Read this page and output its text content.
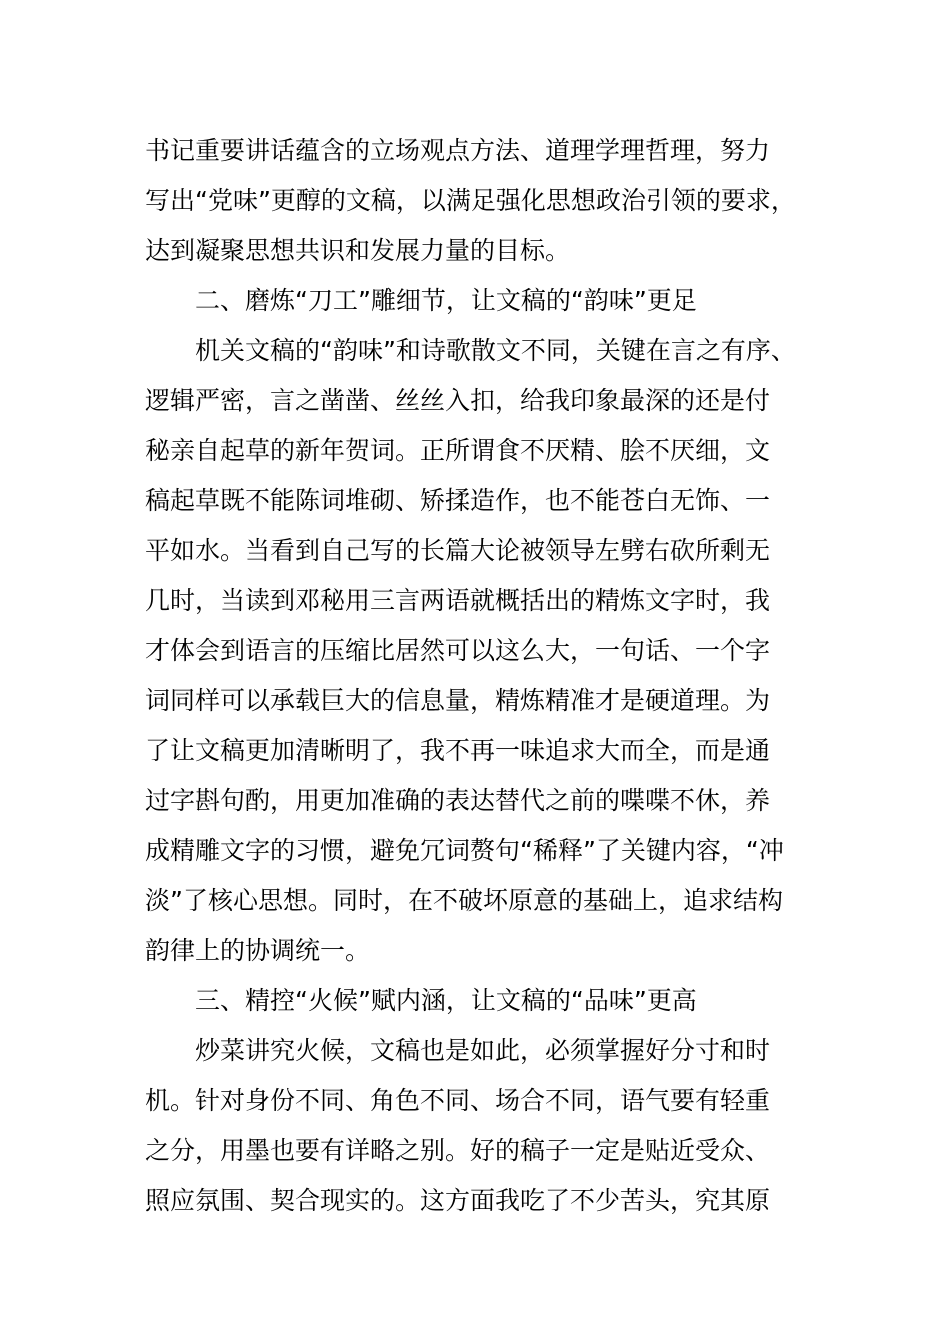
书记重要讲话蕴含的立场观点方法、道理学理哲理，努力
写出“党味”更醇的文稿，以满足强化思想政治引领的要求，
达到凝聚思想共识和发展力量的目标。
二、磨炼“刀工”雕细节，让文稿的“韵味”更足
机关文稿的“韵味”和诗歌散文不同，关键在言之有序、
逻辑严密，言之凿凿、丝丝入扣，给我印象最深的还是付
秘亲自起草的新年贺词。正所谓食不厌精、脍不厌细，文
稿起草既不能陈词堆砌、矫揉造作，也不能苍白无饰、一
平如水。当看到自己写的长篇大论被领导左劈右砍所剩无
几时，当读到邓秘用三言两语就概括出的精炼文字时，我
才体会到语言的压缩比居然可以这么大，一句话、一个字
词同样可以承载巨大的信息量，精炼精准才是硬道理。为
了让文稿更加清晰明了，我不再一味追求大而全，而是通
过字斟句酌，用更加准确的表达替代之前的喋喋不休，养
成精雕文字的习惯，避免冗词赘句“稀释”了关键内容，“冲
淡”了核心思想。同时，在不破坏原意的基础上，追求结构
韵律上的协调统一。
三、精控“火候”赋内涵，让文稿的“品味”更高
炒菜讲究火候，文稿也是如此，必须掌握好分寸和时
机。针对身份不同、角色不同、场合不同，语气要有轻重
之分，用墨也要有详略之别。好的稿子一定是贴近受众、
照应氛围、契合现实的。这方面我吃了不少苦头，究其原
